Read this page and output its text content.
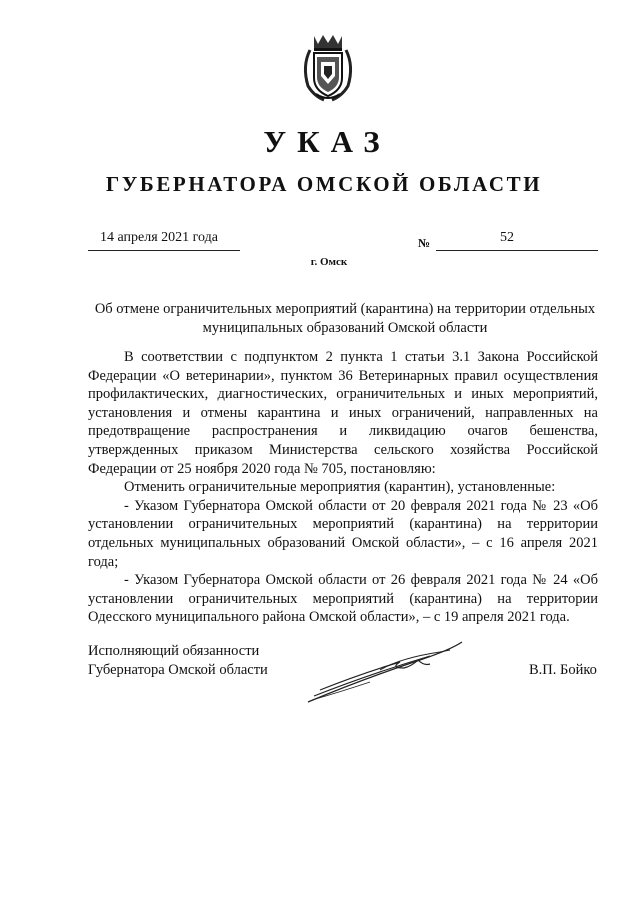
УКАЗ
ГУБЕРНАТОРА ОМСКОЙ ОБЛАСТИ
14 апреля 2021 года	№	52
г. Омск
Об отмене ограничительных мероприятий (карантина) на территории отдельных муниципальных образований Омской области

В соответствии с подпунктом 2 пункта 1 статьи 3.1 Закона Российской Федерации «О ветеринарии», пунктом 36 Ветеринарных правил осуществления профилактических, диагностических, ограничительных и иных мероприятий, установления и отмены карантина и иных ограничений, направленных на предотвращение распространения и ликвидацию очагов бешенства, утвержденных приказом Министерства сельского хозяйства Российской Федерации от 25 ноября 2020 года № 705, постановляю:

Отменить ограничительные мероприятия (карантин), установленные:

- Указом Губернатора Омской области от 20 февраля 2021 года № 23 «Об установлении ограничительных мероприятий (карантина) на территории отдельных муниципальных образований Омской области», – с 16 апреля 2021 года;

- Указом Губернатора Омской области от 26 февраля 2021 года № 24 «Об установлении ограничительных мероприятий (карантина) на территории Одесского муниципального района Омской области», – с 19 апреля 2021 года.

Исполняющий обязанности
Губернатора Омской области	В.П. Бойко
